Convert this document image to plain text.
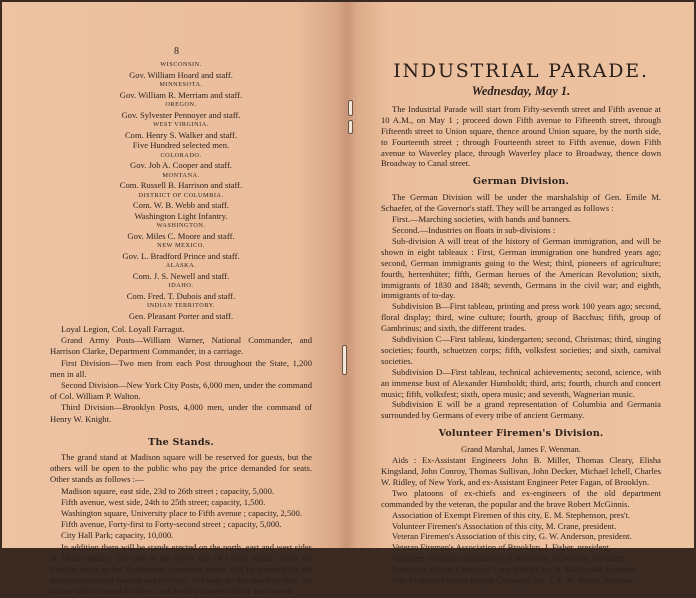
8
WISCONSIN.
Gov. William Hoard and staff.
MINNESOTA.
Gov. William R. Merriam and staff.
OREGON.
Gov. Sylvester Pennoyer and staff.
WEST VIRGINIA.
Com. Henry S. Walker and staff.
Five Hundred selected men.
COLORADO.
Gov. Job A. Cooper and staff.
MONTANA.
Com. Russell B. Harrison and staff.
DISTRICT OF COLUMBIA.
Com. W. B. Webb and staff.
Washington Light Infantry.
WASHINGTON.
Gov. Miles C. Moore and staff.
NEW MEXICO.
Gov. L. Bradford Prince and staff.
ALASKA.
Com. J. S. Newell and staff.
IDAHO.
Com. Fred. T. Dubois and staff.
INDIAN TERRITORY.
Gen. Pleasant Porter and staff.

Loyal Legion, Col. Loyall Farragut.

Grand Army Posts—William Warner, National Commander, and Harrison Clarke, Department Commander, in a carriage.

First Division—Two men from each Post throughout the State, 1,200 men in all.

Second Division—New York City Posts, 6,000 men, under the command of Col. William P. Walton.

Third Division—Brooklyn Posts, 4,000 men, under the command of Henry W. Knight.

The Stands.

The grand stand at Madison square will be reserved for guests, but the others will be open to the public who pay the price demanded for seats. Other stands as follows :—

Madison square, east side, 23d to 26th street ; capacity, 5,000.

Fifth avenue, west side, 24th to 25th street; capacity, 1,500.

Washington square, University place to Fifth avenue ; capacity, 2,500.

Fifth avenue, Forty-first to Forty-second street ; capacity, 5,000.

City Hall Park; capacity, 10,000.

In addition there will be stands erected on the north, east and west sides of Union square. The one at the lower end of Union square, from the Lincoln statue to the Washington equestrian statue, will be reserved for the accommodation of women and children. The seats on this stand are free. No tickets will be issued for them, and the first comers will be first served.

INDUSTRIAL PARADE.
Wednesday, May 1.

The Industrial Parade will start from Fifty-seventh street and Fifth avenue at 10 A.M., on May 1 ; proceed down Fifth avenue to Fifteenth street, through Fifteenth street to Union square, thence around Union square, by the north side, to Fourteenth street ; through Fourteenth street to Fifth avenue, down Fifth avenue to Waverley place, through Waverley place to Broadway, thence down Broadway to Canal street.

German Division.

The German Division will be under the marshalship of Gen. Emile M. Schaefer, of the Governor's staff. They will be arranged as follows :

First.—Marching societies, with bands and banners.

Second.—Industries on floats in sub-divisions :

Sub-division A will treat of the history of German immigration, and will be shown in eight tableaux : First, German immigration one hundred years ago; second, German immigrants going to the West; third, pioneers of agriculture; fourth, herrenhüter; fifth, German heroes of the American Revolution; sixth, immigrants of 1830 and 1848; seventh, Germans in the civil war; and eighth, immigrants of to-day.

Subdivision B—First tableau, printing and press work 100 years ago; second, floral display; third, wine culture; fourth, group of Bacchus; fifth, group of Gambrinus; and sixth, the different trades.

Subdivision C—First tableau, kindergarten; second, Christmas; third, singing societies; fourth, schuetzen corps; fifth, volksfest societies; and sixth, carnival societies.

Subdivision D—First tableau, technical achievements; second, science, with an immense bust of Alexander Humboldt; third, arts; fourth, church and concert music; fifth, volksfest; sixth, opera music; and seventh, Wagnerian music.

Subdivision E will be a grand representation of Columbia and Germania surrounded by Germans of every tribe of ancient Germany.

Volunteer Firemen's Division.
Grand Marshal, James F. Wenman.

Aids : Ex-Assistant Engineers John B. Miller, Thomas Cleary, Elisha Kingsland, John Conroy, Thomas Sullivan, John Decker, Michael Ichell, Charles W. Ridley, of New York, and ex-Assistant Engineer Peter Fagan, of Brooklyn.

Two platoons of ex-chiefs and ex-engineers of the old department commanded by the veteran, the popular and the brave Robert McGinnis.

Association of Exempt Firemen of this city, E. M. Stephenson, pres't.

Volunteer Firemen's Association of this city, M. Crane, president.

Veteran Firemen's Association of this city, G. W. Anderson, president.

Veteran Firemen's Association of Brooklyn, J. Fisher, president.

Volunteer Firemen's Association of Brooklyn, J Courtney, president.

Protection Engine Company, Long Island City, R. McDonald, foreman.

Port Richmond Steam Engine Company, No. 2, E. W. Foster, foreman.
